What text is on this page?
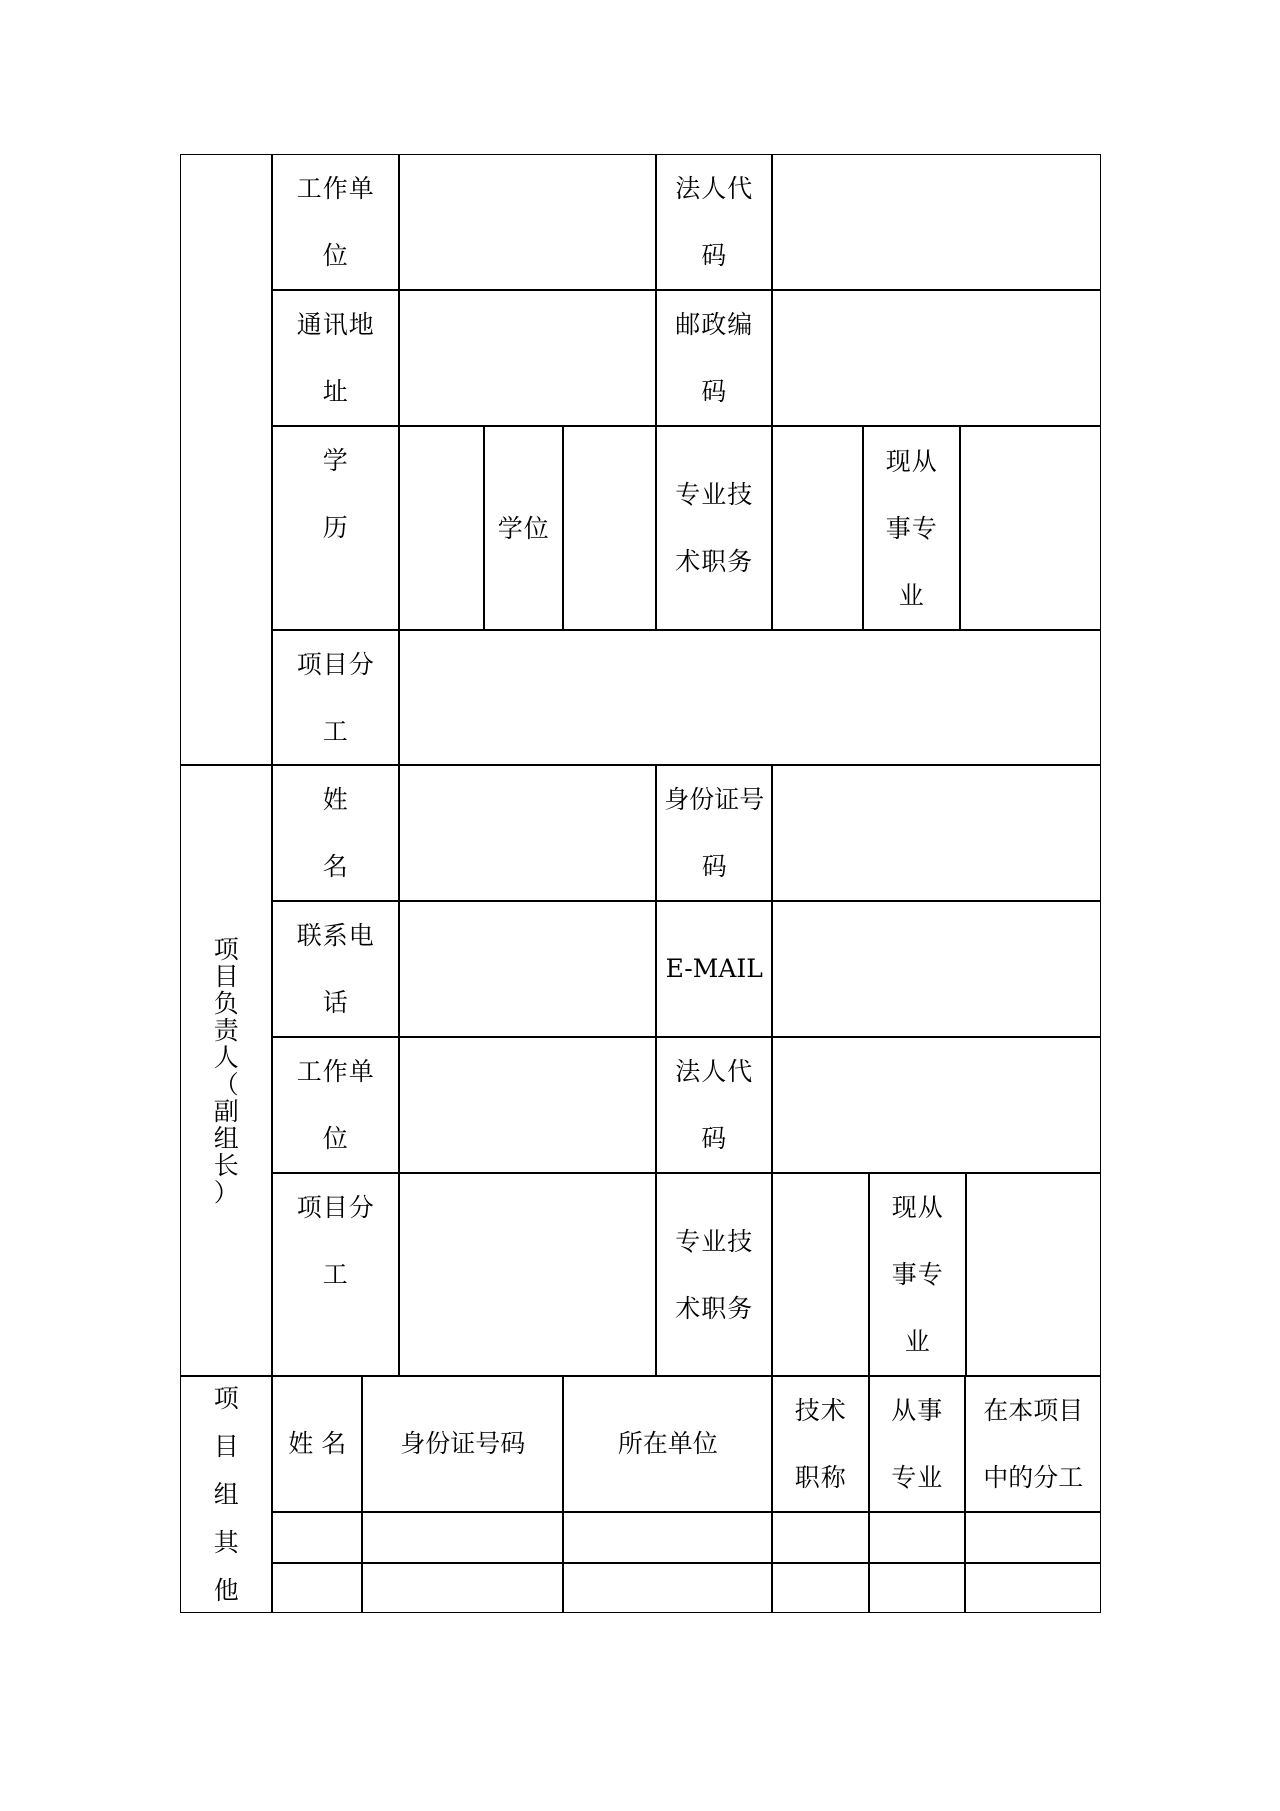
工作单
位
法人代
码
通讯地
址
邮政编
码
学
历	学位
专业技
术职务
现从
事专
业
项目分
工
项
目
负
责
人
（
副
组
长
）
姓
名
身份证号
码
联系电
话
E-MAIL
工作单
位
法人代
码
项目分
工
专业技
术职务
现从
事专
业
项
目
组
其
他
姓 名 身份证号码	所在单位
技术
职称
从事
专业
在本项目
中的分工
